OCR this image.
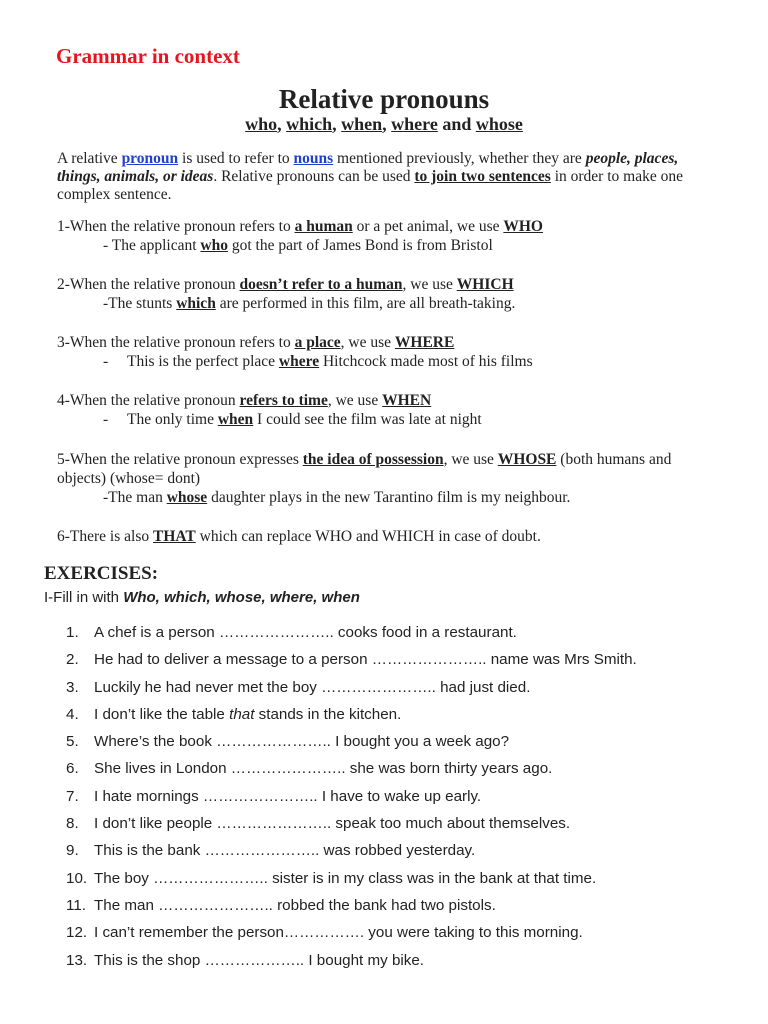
Grammar in context
Relative pronouns
who, which, when, where and whose
A relative pronoun is used to refer to nouns mentioned previously, whether they are people, places, things, animals, or ideas. Relative pronouns can be used to join two sentences in order to make one complex sentence.
1-When the relative pronoun refers to a human or a pet animal, we use WHO
- The applicant who got the part of James Bond is from Bristol
2-When the relative pronoun doesn’t refer to a human, we use WHICH
-The stunts which are performed in this film, are all breath-taking.
3-When the relative pronoun refers to a place, we use WHERE
- This is the perfect place where Hitchcock made most of his films
4-When the relative pronoun refers to time, we use WHEN
- The only time when I could see the film was late at night
5-When the relative pronoun expresses the idea of possession, we use WHOSE (both humans and objects) (whose= dont)
-The man whose daughter plays in the new Tarantino film is my neighbour.
6-There is also THAT which can replace WHO and WHICH in case of doubt.
EXERCISES:
I-Fill in with Who, which, whose, where, when
1. A chef is a person ………………….. cooks food in a restaurant.
2. He had to deliver a message to a person ………………….. name was Mrs Smith.
3. Luckily he had never met the boy ………………….. had just died.
4. I don’t like the table that stands in the kitchen.
5. Where’s the book ………………….. I bought you a week ago?
6. She lives in London ………………….. she was born thirty years ago.
7. I hate mornings ………………….. I have to wake up early.
8. I don’t like people ………………….. speak too much about themselves.
9. This is the bank ………………….. was robbed yesterday.
10. The boy ………………….. sister is in my class was in the bank at that time.
11. The man ………………….. robbed the bank had two pistols.
12. I can’t remember the person……………. you were taking to this morning.
13. This is the shop ……………….. I bought my bike.
